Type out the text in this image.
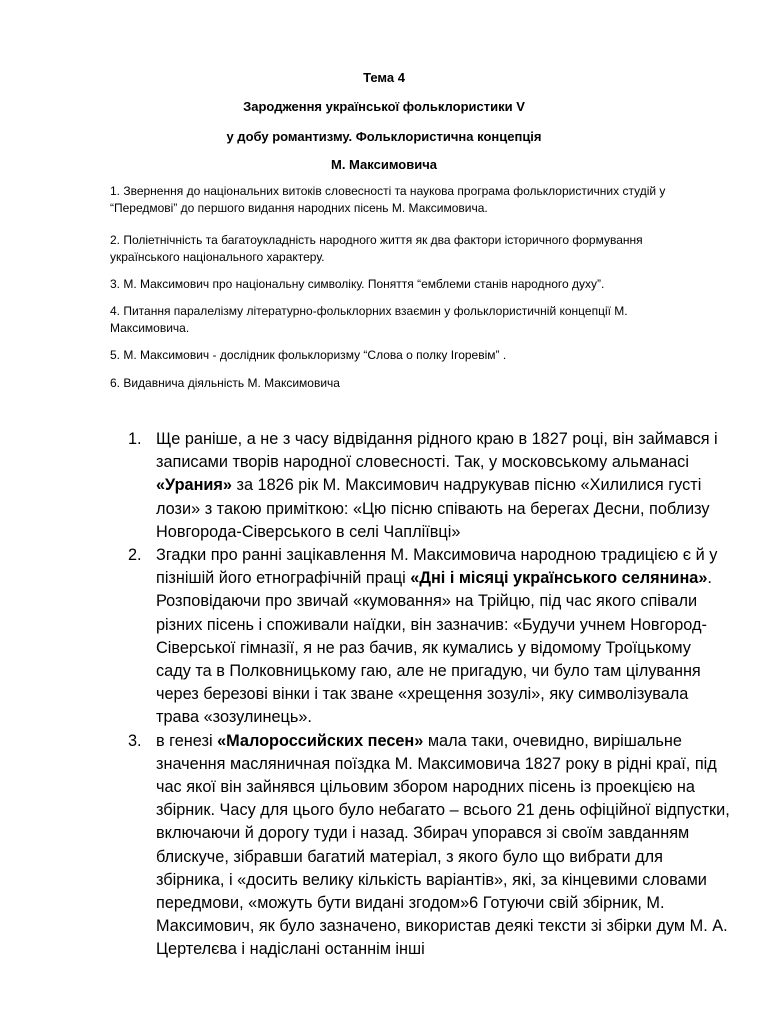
Тема 4
Зародження української фольклористики V
у добу романтизму. Фольклористична концепція
М. Максимовича
1. Звернення до національних витоків словесності та наукова програма фольклористичних студій у
“Передмові” до першого видання народних пісень М. Максимовича.
2. Поліетнічність та багатоукладність народного життя як два фактори історичного формування
українського національного характеру.
3. М. Максимович про національну символіку. Поняття “емблеми станів народного духу”.
4. Питання паралелізму літературно-фольклорних взаємин у фольклористичній концепції М.
Максимовича.
5. М. Максимович - дослідник фольклоризму “Слова о полку Ігоревім” .
6. Видавнича діяльність М. Максимовича
1. Ще раніше, а не з часу відвідання рідного краю в 1827 році, він займався і записами творів народної словесності. Так, у московському альманасі «Урания» за 1826 рік М. Максимович надрукував пісню «Хилилися густі лози» з такою приміткою: «Цю пісню співають на берегах Десни, поблизу Новгорода-Сіверського в селі Чапліївці»
2. Згадки про ранні зацікавлення М. Максимовича народною традицією є й у пізнішій його етнографічній праці «Дні і місяці українського селянина». Розповідаючи про звичай «кумовання» на Трійцю, під час якого співали різних пісень і споживали наїдки, він зазначив: «Будучи учнем Новгород-Сіверської гімназії, я не раз бачив, як кумались у відомому Троїцькому саду та в Полковницькому гаю, але не пригадую, чи було там цілування через березові вінки і так зване «хрещення зозулі», яку символізувала трава «зозулинець».
3. в генезі «Малороссийских песен» мала таки, очевидно, вирішальне значення масляничная поїздка М. Максимовича 1827 року в рідні краї, під час якої він зайнявся цільовим збором народних пісень із проекцією на збірник. Часу для цього було небагато – всього 21 день офіційної відпустки, включаючи й дорогу туди і назад. Збирач упорався зі своїм завданням блискуче, зібравши багатий матеріал, з якого було що вибрати для збірника, і «досить велику кількість варіантів», які, за кінцевими словами передмови, «можуть бути видані згодом»6 Готуючи свій збірник, М. Максимович, як було зазначено, використав деякі тексти зі збірки дум М. А. Цертелєва і надіслані останнім інші
